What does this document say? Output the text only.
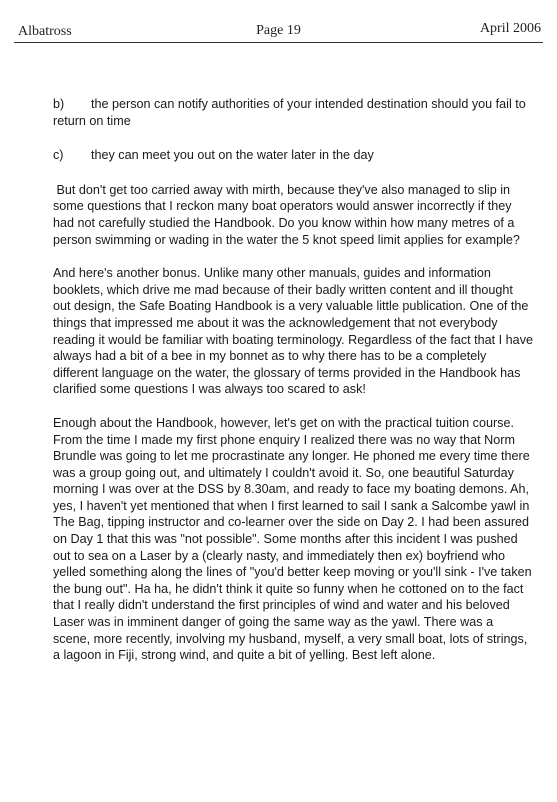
Albatross	Page 19	April 2006
b) the person can notify authorities of your intended destination should you fail to return on time
c) they can meet you out on the water later in the day

But don't get too carried away with mirth, because they've also managed to slip in some questions that I reckon many boat operators would answer incorrectly if they had not carefully studied the Handbook. Do you know within how many metres of a person swimming or wading in the water the 5 knot speed limit applies for example?

And here's another bonus. Unlike many other manuals, guides and information booklets, which drive me mad because of their badly written content and ill thought out design, the Safe Boating Handbook is a very valuable little publication. One of the things that impressed me about it was the acknowledgement that not everybody reading it would be familiar with boating terminology. Regardless of the fact that I have always had a bit of a bee in my bonnet as to why there has to be a completely different language on the water, the glossary of terms provided in the Handbook has clarified some questions I was always too scared to ask!

Enough about the Handbook, however, let's get on with the practical tuition course. From the time I made my first phone enquiry I realized there was no way that Norm Brundle was going to let me procrastinate any longer. He phoned me every time there was a group going out, and ultimately I couldn't avoid it. So, one beautiful Saturday morning I was over at the DSS by 8.30am, and ready to face my boating demons. Ah, yes, I haven't yet mentioned that when I first learned to sail I sank a Salcombe yawl in The Bag, tipping instructor and co-learner over the side on Day 2. I had been assured on Day 1 that this was "not possible". Some months after this incident I was pushed out to sea on a Laser by a (clearly nasty, and immediately then ex) boyfriend who yelled something along the lines of "you'd better keep moving or you'll sink - I've taken the bung out". Ha ha, he didn't think it quite so funny when he cottoned on to the fact that I really didn't understand the first principles of wind and water and his beloved Laser was in imminent danger of going the same way as the yawl. There was a scene, more recently, involving my husband, myself, a very small boat, lots of strings, a lagoon in Fiji, strong wind, and quite a bit of yelling. Best left alone.
